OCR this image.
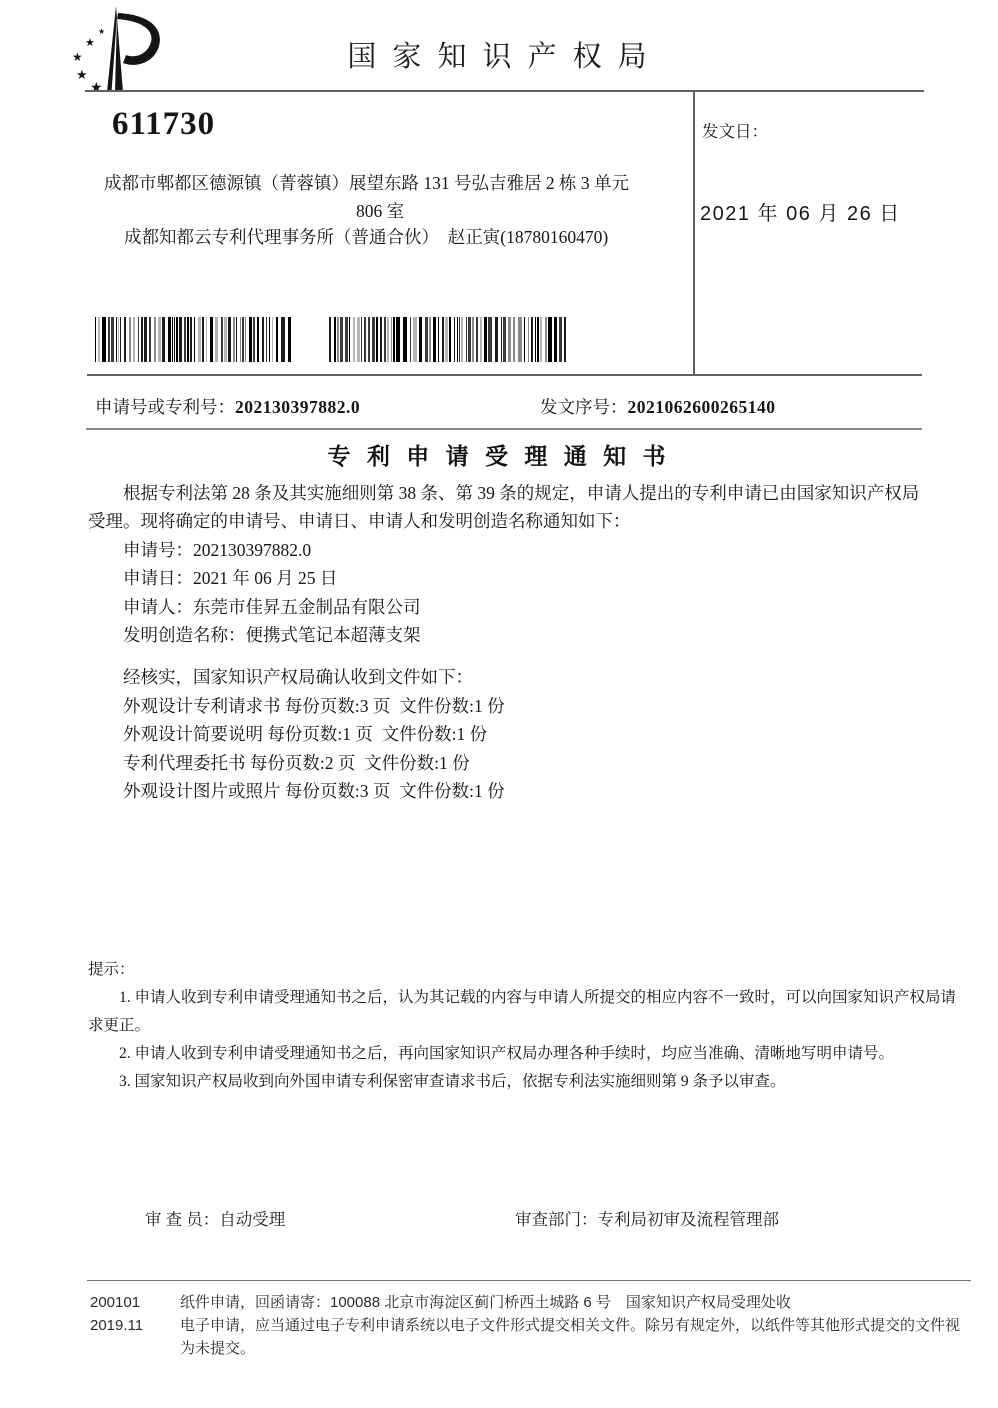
★
★
★
★
★
国 家 知 识 产 权 局
611730
成都市郫都区德源镇（菁蓉镇）展望东路 131 号弘吉雅居 2 栋 3 单元
806 室
成都知都云专利代理事务所（普通合伙）  赵正寅(18780160470)
发文日：
2021 年 06 月 26 日
申请号或专利号：202130397882.0	发文序号：2021062600265140
专 利 申 请 受 理 通 知 书

根据专利法第 28 条及其实施细则第 38 条、第 39 条的规定，申请人提出的专利申请已由国家知识产权局受理。现将确定的申请号、申请日、申请人和发明创造名称通知如下：

申请号：202130397882.0
申请日：2021 年 06 月 25 日
申请人：东莞市佳昇五金制品有限公司
发明创造名称：便携式笔记本超薄支架

经核实，国家知识产权局确认收到文件如下：

外观设计专利请求书 每份页数:3 页  文件份数:1 份

外观设计简要说明 每份页数:1 页  文件份数:1 份

专利代理委托书 每份页数:2 页  文件份数:1 份

外观设计图片或照片 每份页数:3 页  文件份数:1 份

提示：

1. 申请人收到专利申请受理通知书之后，认为其记载的内容与申请人所提交的相应内容不一致时，可以向国家知识产权局请求更正。

2. 申请人收到专利申请受理通知书之后，再向国家知识产权局办理各种手续时，均应当准确、清晰地写明申请号。

3. 国家知识产权局收到向外国申请专利保密审查请求书后，依据专利法实施细则第 9 条予以审查。

审 查 员：自动受理	审查部门：专利局初审及流程管理部
200101
2019.11

纸件申请，回函请寄：100088 北京市海淀区蓟门桥西土城路 6 号　国家知识产权局受理处收

电子申请，应当通过电子专利申请系统以电子文件形式提交相关文件。除另有规定外，以纸件等其他形式提交的文件视为未提交。
